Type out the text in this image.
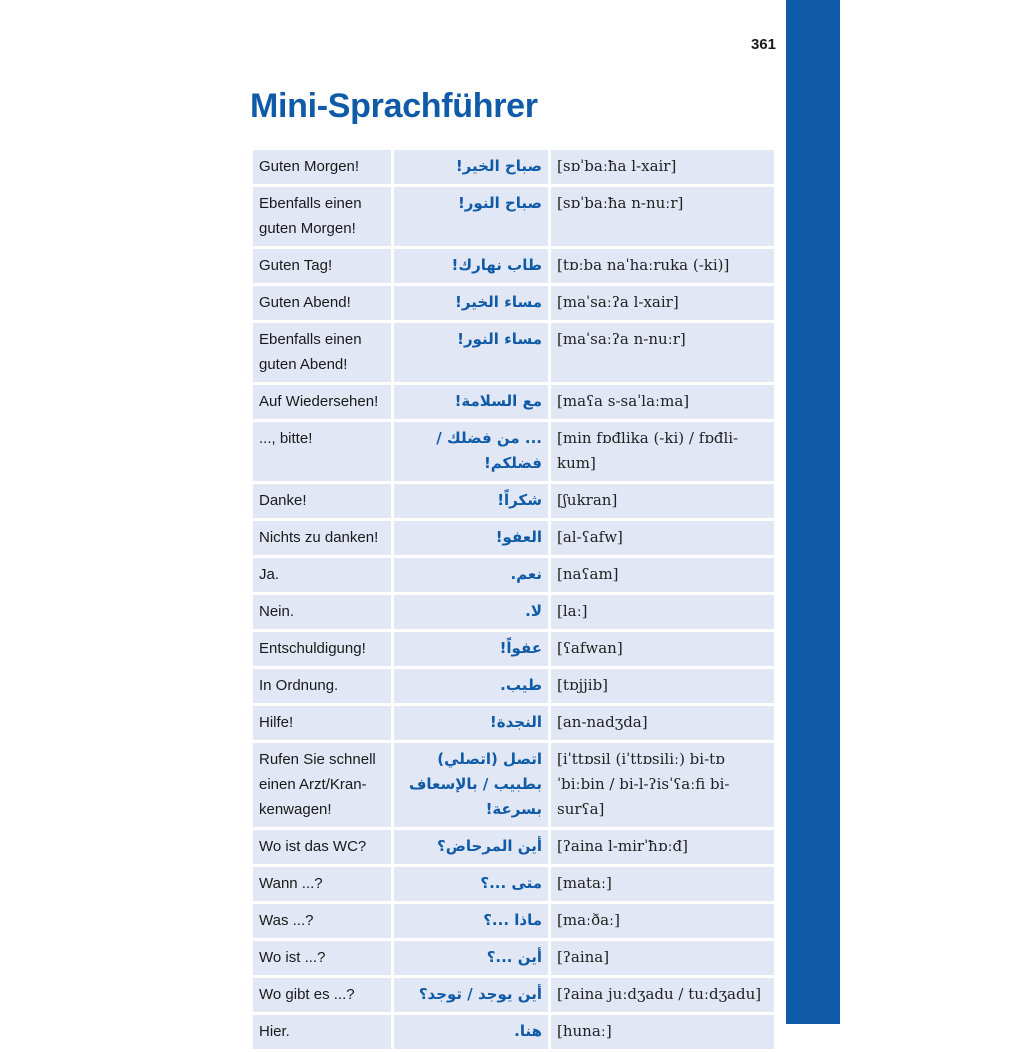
361
Mini-Sprachführer
Guten Morgen!	صباح الخير!	[sɒˈbaːħa l-xair]
Ebenfalls einen guten Morgen!	صباح النور!	[sɒˈbaːħa n-nuːr]
Guten Tag!	طاب نهارك!	[tɒːba naˈhaːruka (-ki)]
Guten Abend!	مساء الخير!	[maˈsaːʔa l-xair]
Ebenfalls einen guten Abend!	مساء النور!	[maˈsaːʔa n-nuːr]
Auf Wiedersehen!	مع السلامة!	[maʕa s-saˈlaːma]
..., bitte!	... من فضلك / فضلكم!	[min fɒđlika (-ki) / fɒđli-kum]
Danke!	شكراً!	[ʃukran]
Nichts zu danken!	العفو!	[al-ʕafw]
Ja.	نعم.	[naʕam]
Nein.	لا.	[laː]
Entschuldigung!	عفواً!	[ʕafwan]
In Ordnung.	طيب.	[tɒjjib]
Hilfe!	النجدة!	[an-nadʒda]
Rufen Sie schnell einen Arzt/Kran-kenwagen!	اتصل (اتصلي) بطبيب / بالإسعاف بسرعة!	[iˈttɒsil (iˈttɒsiliː) bi-tɒˈbiːbin / bi-l-ʔisˈʕaːfi bi-surʕa]
Wo ist das WC?	أين المرحاض؟	[ʔaina l-mirˈħɒːđ]
Wann ...?	متى ...؟	[mataː]
Was ...?	ماذا ...؟	[maːðaː]
Wo ist ...?	أين ...؟	[ʔaina]
Wo gibt es ...?	أين يوجد / توجد؟	[ʔaina juːdʒadu / tuːdʒadu]
Hier.	هنا.	[hunaː]
